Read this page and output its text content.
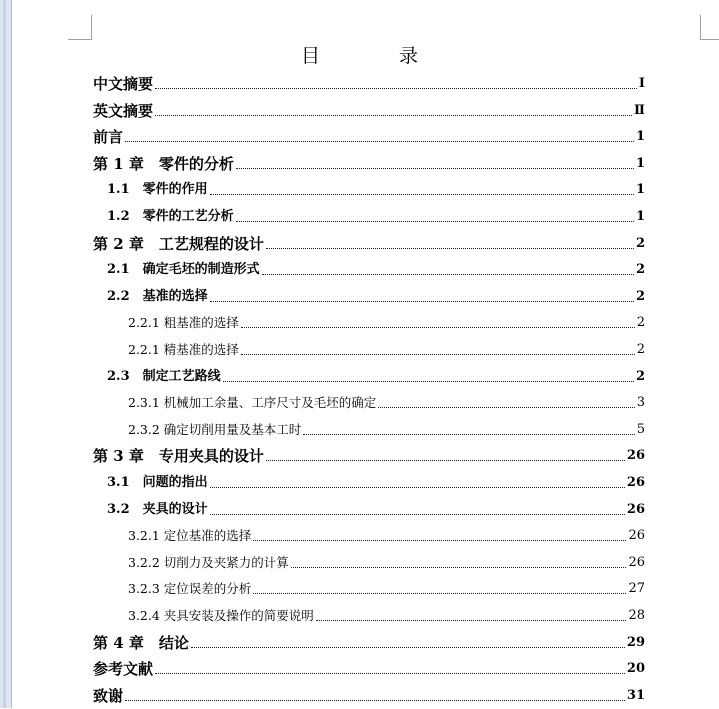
目　录
中文摘要	Ⅰ
英文摘要	Ⅱ
前言	1
第 1 章　零件的分析	1
1.1　零件的作用	1
1.2　零件的工艺分析	1
第 2 章　工艺规程的设计	2
2.1　确定毛坯的制造形式	2
2.2　基准的选择	2
2.2.1 粗基准的选择	2
2.2.1 精基准的选择	2
2.3　制定工艺路线	2
2.3.1 机械加工余量、工序尺寸及毛坯的确定	3
2.3.2 确定切削用量及基本工时	5
第 3 章　专用夹具的设计	26
3.1　问题的指出	26
3.2　夹具的设计	26
3.2.1 定位基准的选择	26
3.2.2 切削力及夹紧力的计算	26
3.2.3 定位误差的分析	27
3.2.4 夹具安装及操作的简要说明	28
第 4 章　结论	29
参考文献	20
致谢	31
